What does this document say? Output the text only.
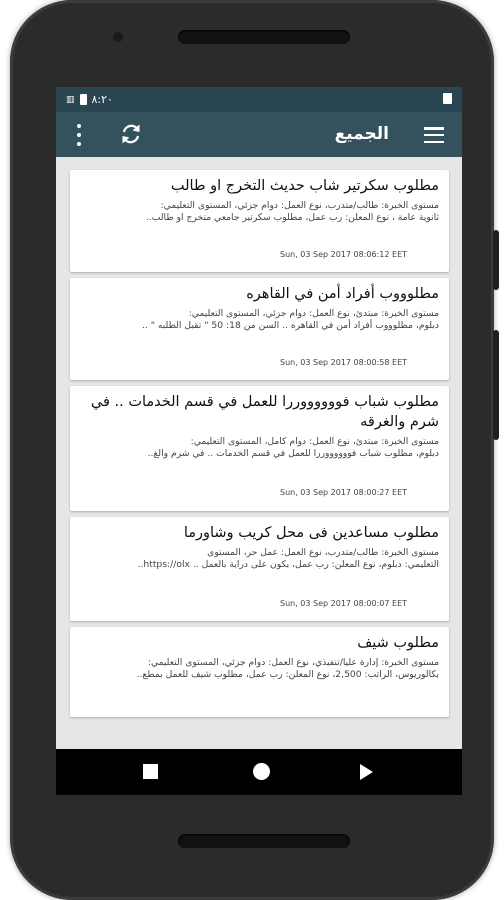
٨:٢٠
▥
الجميع
مطلوب سكرتير شاب حديث التخرج او طالب
مستوى الخبرة: طالب/متدرب، نوع العمل: دوام جزئي، المستوى التعليمي:
ثانوية عامة ، نوع المعلن: رب عمل، مطلوب سكرتير جامعي متخرج او طالب..
Sun, 03 Sep 2017 08:06:12 EET
مطلوووب أفراد أمن في القاهره
مستوى الخبرة: مبتدئ، نوع العمل: دوام جزئي، المستوى التعليمي:
دبلوم، مطلوووب أفراد أمن في القاهره .. السن من 18: 50 " تقبل الطلبه " ..
Sun, 03 Sep 2017 08:00:58 EET
مطلوب شباب فووووووررا للعمل في قسم الخدمات .. في شرم والغرقه
مستوى الخبرة: مبتدئ، نوع العمل: دوام كامل، المستوى التعليمي:
دبلوم، مطلوب شباب فووووووررا للعمل في قسم الخدمات .. في شرم والغ..
Sun, 03 Sep 2017 08:00:27 EET
مطلوب مساعدين فى محل كريب وشاورما
مستوى الخبرة: طالب/متدرب، نوع العمل: عمل حر، المستوى
التعليمي: دبلوم، نوع المعلن: رب عمل، يكون على دراية بالعمل .. https://olx..
Sun, 03 Sep 2017 08:00:07 EET
مطلوب شيف
مستوى الخبرة: إدارة عليا/تنفيذي، نوع العمل: دوام جزئي، المستوى التعليمي:
بكالوريوس، الراتب: 2,500، نوع المعلن: رب عمل، مطلوب شيف للعمل بمطع..
